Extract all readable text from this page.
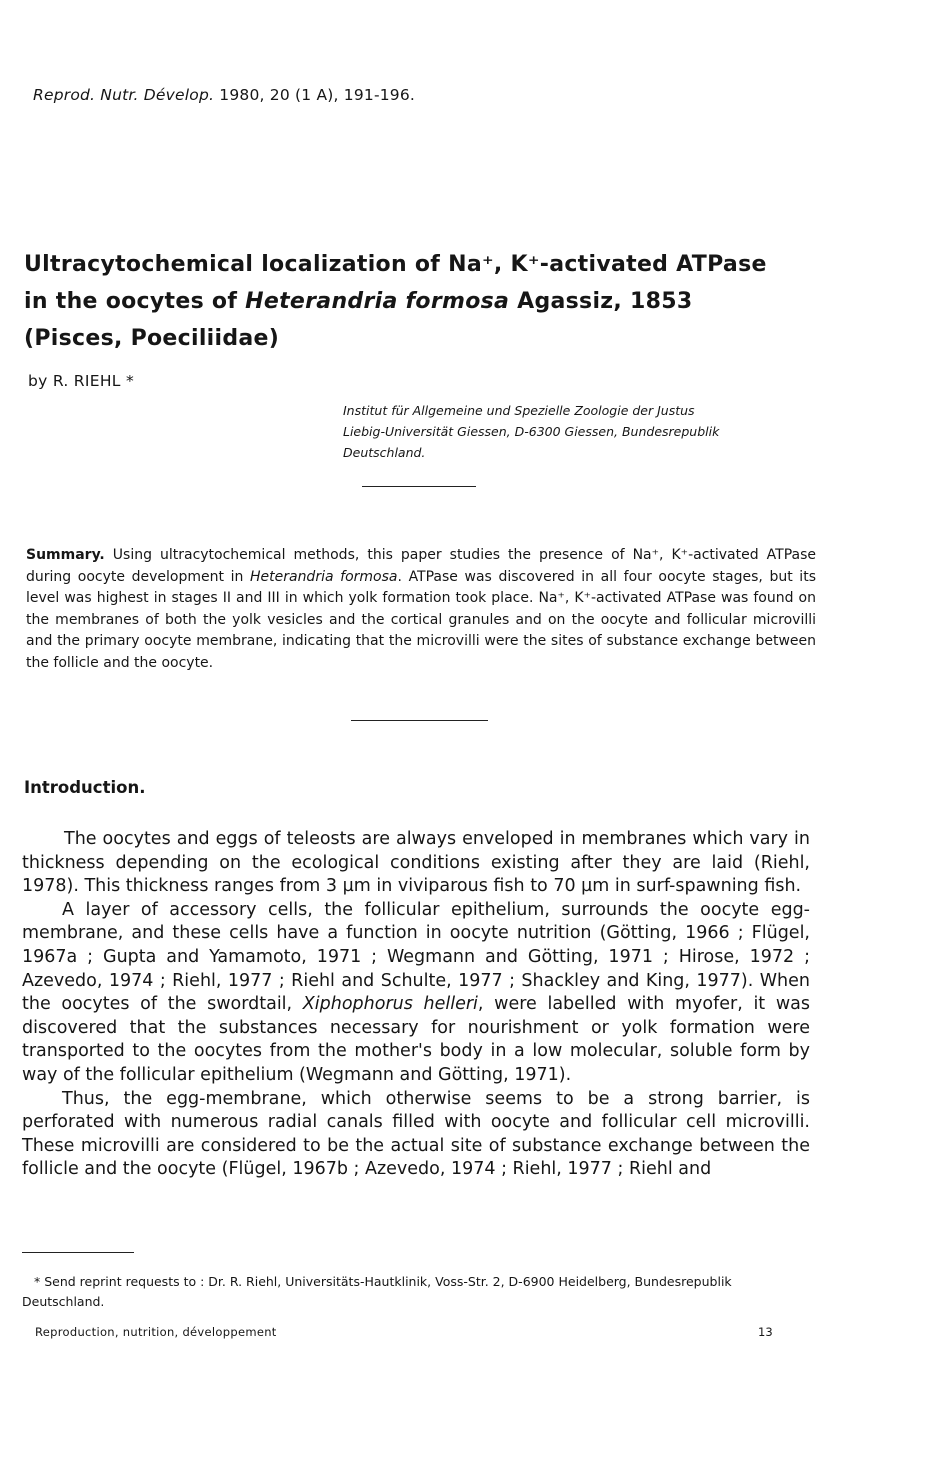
Reprod. Nutr. Dévelop. 1980, 20 (1 A), 191-196.
Ultracytochemical localization of Na⁺, K⁺-activated ATPase
in the oocytes of Heterandria formosa Agassiz, 1853
(Pisces, Poeciliidae)
by R. RIEHL *
Institut für Allgemeine und Spezielle Zoologie der Justus
Liebig-Universität Giessen, D-6300 Giessen, Bundesrepublik
Deutschland.
Summary. Using ultracytochemical methods, this paper studies the presence of Na⁺, K⁺-activated ATPase during oocyte development in Heterandria formosa. ATPase was discovered in all four oocyte stages, but its level was highest in stages II and III in which yolk formation took place. Na⁺, K⁺-activated ATPase was found on the membranes of both the yolk vesicles and the cortical granules and on the oocyte and follicular microvilli and the primary oocyte membrane, indicating that the microvilli were the sites of substance exchange between the follicle and the oocyte.
Introduction.

The oocytes and eggs of teleosts are always enveloped in membranes which vary in thickness depending on the ecological conditions existing after they are laid (Riehl, 1978). This thickness ranges from 3 µm in viviparous fish to 70 µm in surf-spawning fish.

A layer of accessory cells, the follicular epithelium, surrounds the oocyte egg-membrane, and these cells have a function in oocyte nutrition (Götting, 1966 ; Flügel, 1967a ; Gupta and Yamamoto, 1971 ; Wegmann and Götting, 1971 ; Hirose, 1972 ; Azevedo, 1974 ; Riehl, 1977 ; Riehl and Schulte, 1977 ; Shackley and King, 1977). When the oocytes of the swordtail, Xiphophorus helleri, were labelled with myofer, it was discovered that the substances necessary for nourishment or yolk formation were transported to the oocytes from the mother's body in a low molecular, soluble form by way of the follicular epithelium (Wegmann and Götting, 1971).

Thus, the egg-membrane, which otherwise seems to be a strong barrier, is perforated with numerous radial canals filled with oocyte and follicular cell microvilli. These microvilli are considered to be the actual site of substance exchange between the follicle and the oocyte (Flügel, 1967b ; Azevedo, 1974 ; Riehl, 1977 ; Riehl and

* Send reprint requests to : Dr. R. Riehl, Universitäts-Hautklinik, Voss-Str. 2, D-6900 Heidelberg, Bundesrepublik Deutschland.
Reproduction, nutrition, développement	13
